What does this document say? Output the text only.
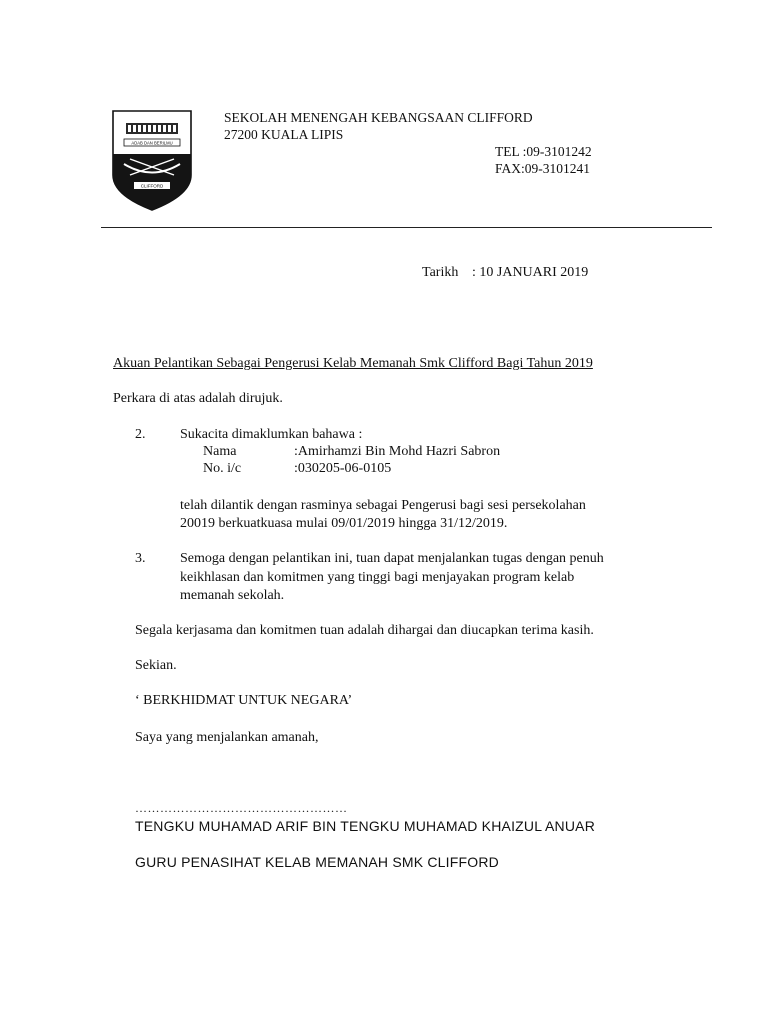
ADAB DAN BERILMU
CLIFFORD
SEKOLAH MENENGAH KEBANGSAAN CLIFFORD
27200 KUALA LIPIS
TEL :09-3101242
FAX:09-3101241
Tarikh : 10 JANUARI 2019
Akuan Pelantikan Sebagai Pengerusi Kelab Memanah Smk Clifford Bagi Tahun 2019
Perkara di atas adalah dirujuk.
2. Sukacita dimaklumkan bahawa :
Nama	:Amirhamzi Bin Mohd Hazri Sabron
No. i/c	:030205-06-0105
telah dilantik dengan rasminya sebagai Pengerusi bagi sesi persekolahan
20019 berkuatkuasa mulai 09/01/2019 hingga 31/12/2019.
3. Semoga dengan pelantikan ini, tuan dapat menjalankan tugas dengan penuh
keikhlasan dan komitmen yang tinggi bagi menjayakan program kelab
memanah sekolah.
Segala kerjasama dan komitmen tuan adalah dihargai dan diucapkan terima kasih.
Sekian.
‘ BERKHIDMAT UNTUK NEGARA’
Saya yang menjalankan amanah,
……………………………………………
TENGKU MUHAMAD ARIF BIN TENGKU MUHAMAD KHAIZUL ANUAR
GURU PENASIHAT KELAB MEMANAH SMK CLIFFORD
